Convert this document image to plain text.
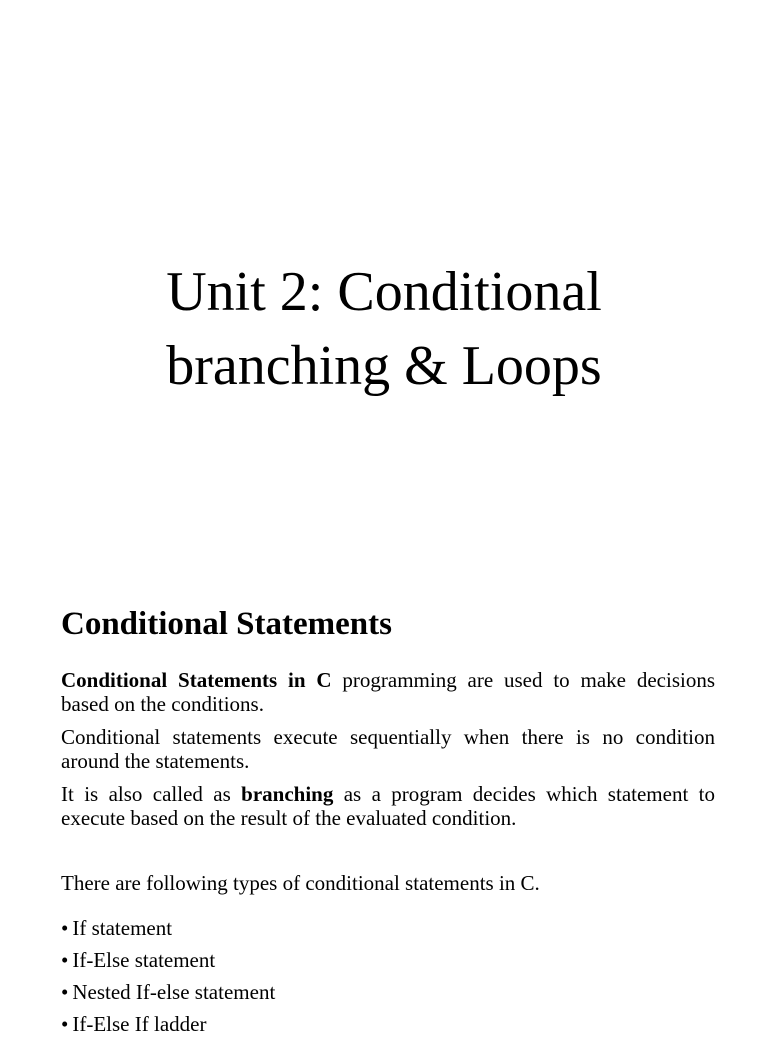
Unit 2: Conditional
branching & Loops
Conditional Statements

Conditional Statements in C programming are used to make decisions based on the conditions.

Conditional statements execute sequentially when there is no condition around the statements.

It is also called as branching as a program decides which statement to execute based on the result of the evaluated condition.

There are following types of conditional statements in C.

• If statement
• If-Else statement
• Nested If-else statement
• If-Else If ladder
